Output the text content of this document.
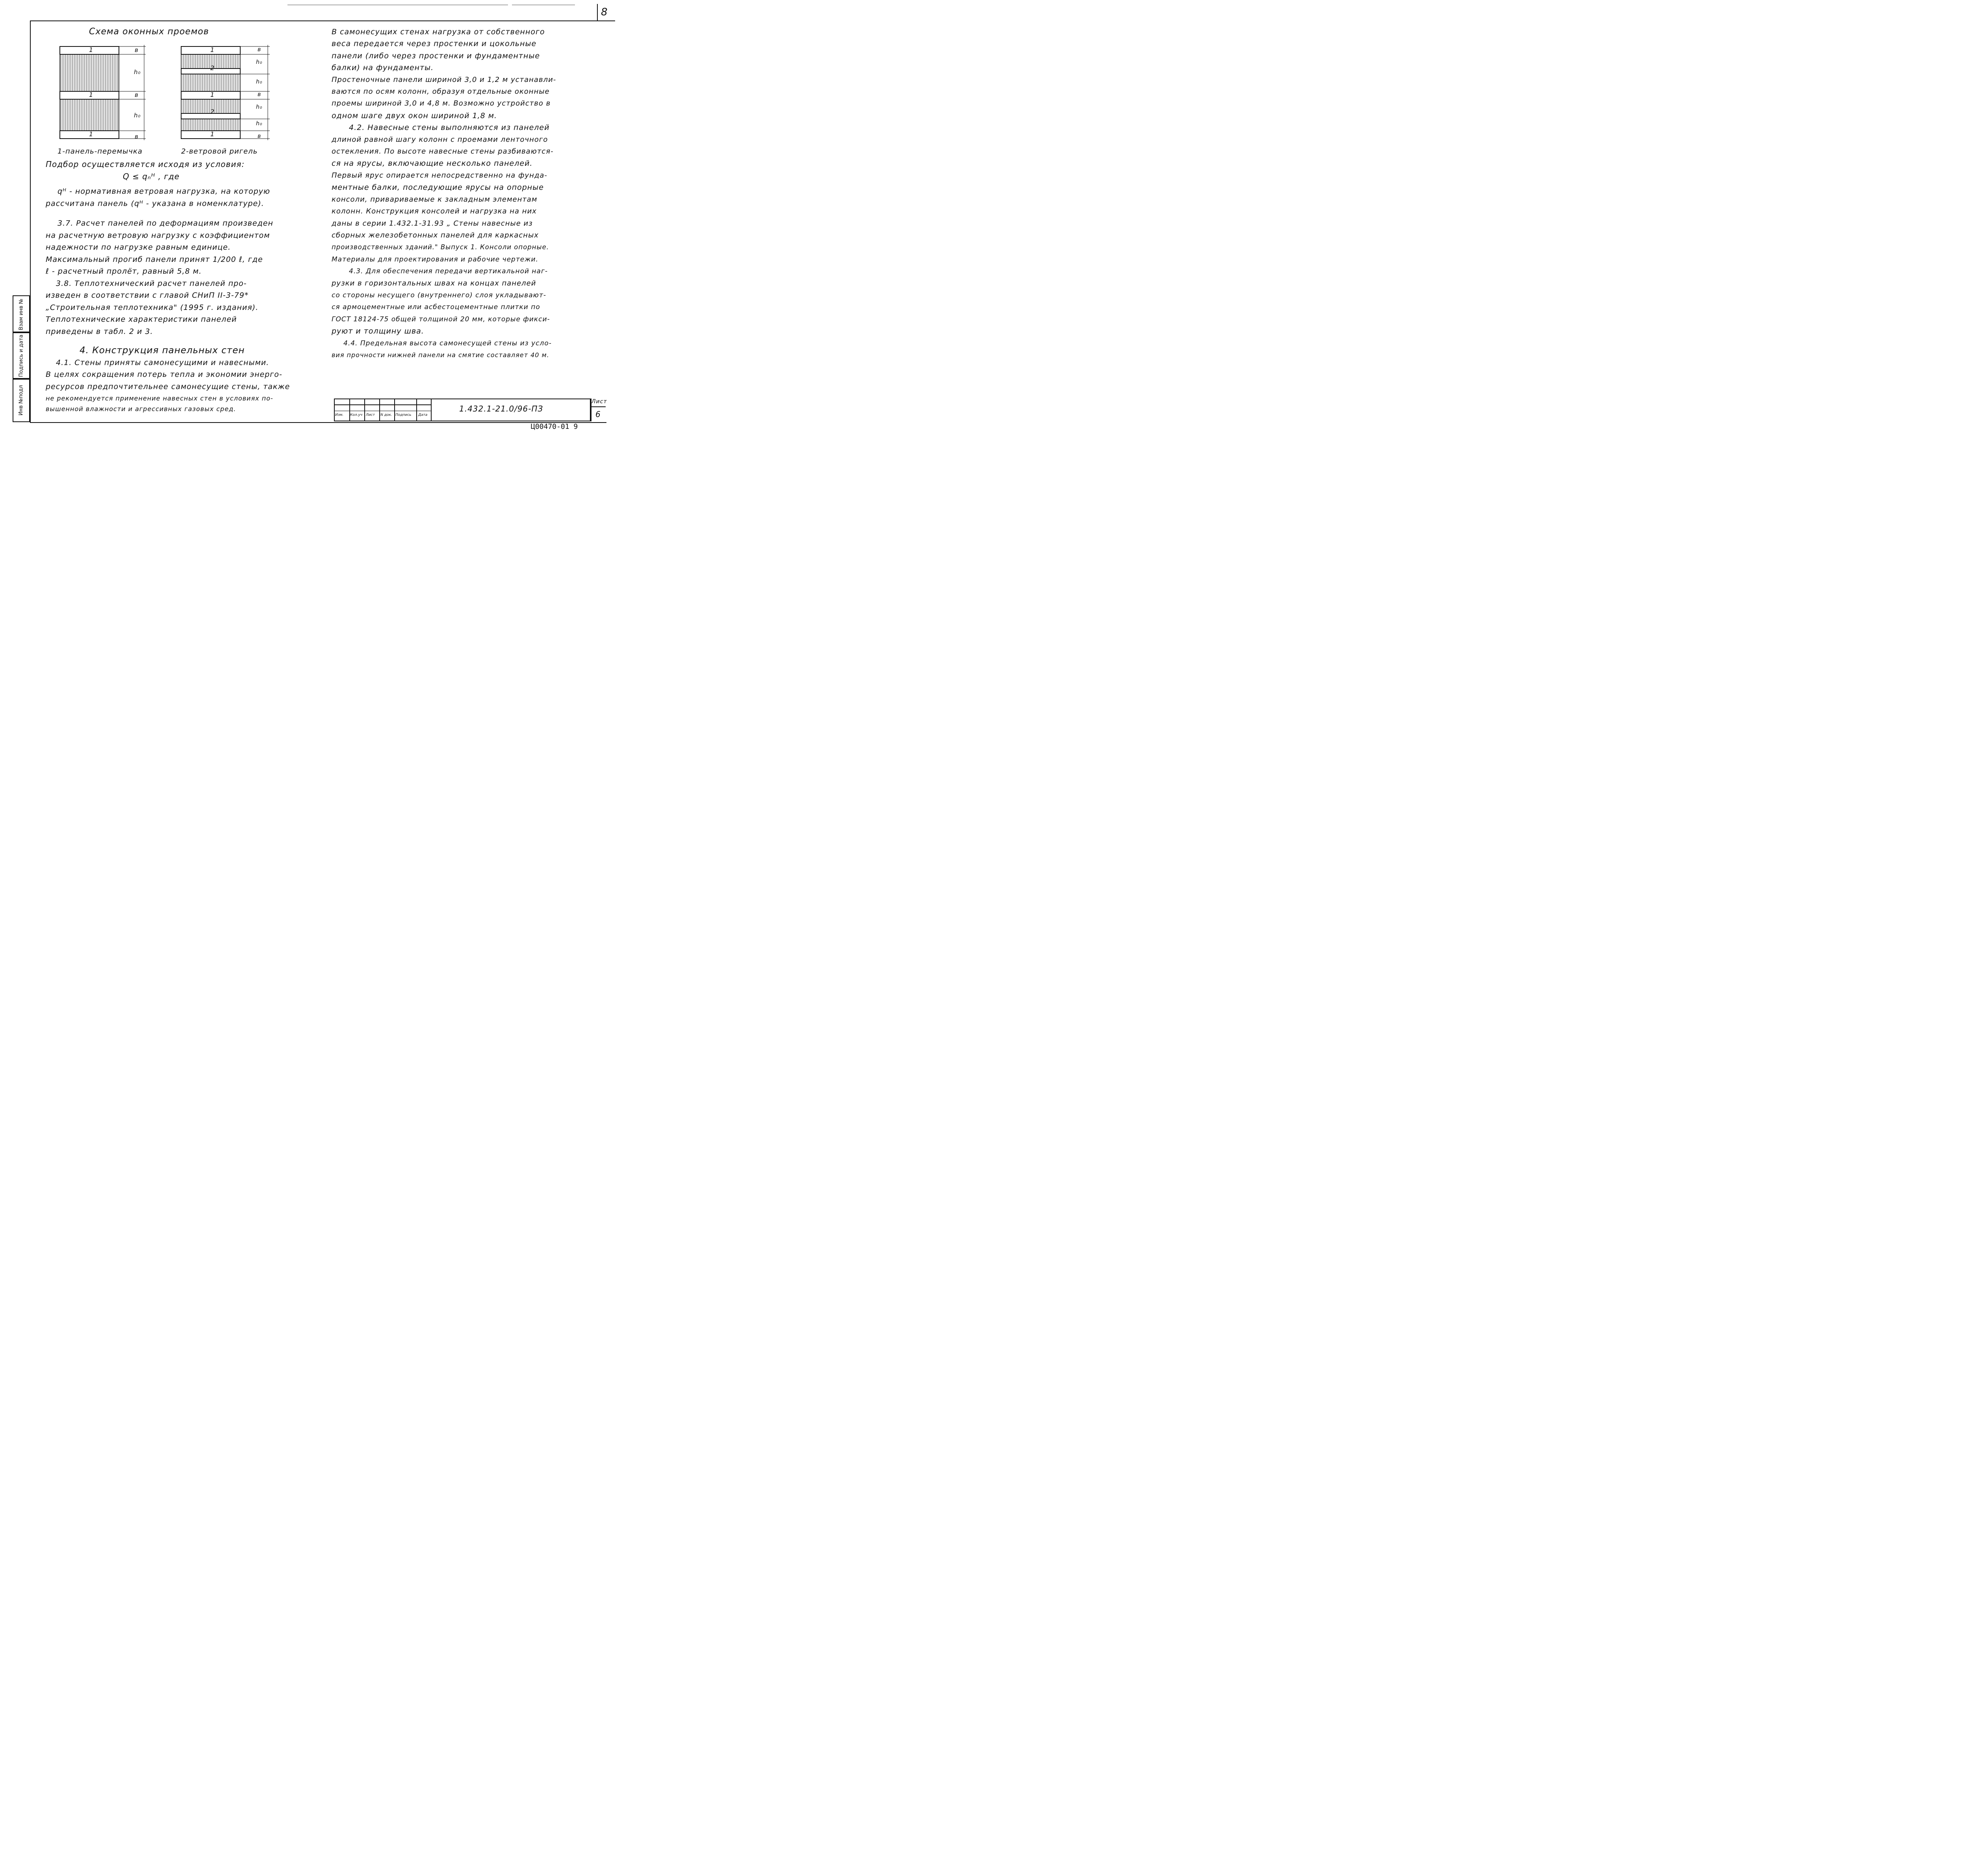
8
Инв №подл
Подпись и дата
Взам инв №
Схема оконных проемов
1
1
1
1
2
1
2
1
в
h₀
в
h₀
в
в
h₀
h₀
в
h₀
h₀
в
1-панель-перемычка	2-ветровой ригель

Подбор осуществляется исходя из условия:

Q ≤ qₙᴴ , где

qᴴ - нормативная ветровая нагрузка, на которую

рассчитана панель (qᴴ - указана в номенклатуре).

3.7. Расчет панелей по деформациям произведен

на расчетную ветровую нагрузку с коэффициентом

надежности по нагрузке равным единице.

Максимальный прогиб панели принят 1/200 ℓ, где

ℓ - расчетный пролёт, равный 5,8 м.

3.8. Теплотехнический расчет панелей про-

изведен в соответствии с главой СНиП II-3-79*

„Строительная теплотехника" (1995 г. издания).

Теплотехнические характеристики панелей

приведены в табл. 2 и 3.

4. Конструкция панельных стен

4.1. Стены приняты самонесущими и навесными.

В целях сокращения потерь тепла и экономии энерго-

ресурсов предпочтительнее самонесущие стены, также

не рекомендуется применение навесных стен в условиях по-

вышенной влажности и агрессивных газовых сред.

В самонесущих стенах нагрузка от собственного

веса передается через простенки и цокольные

панели (либо через простенки и фундаментные

балки) на фундаменты.

Простеночные панели шириной 3,0 и 1,2 м устанавли-

ваются по осям колонн, образуя отдельные оконные

проемы шириной 3,0 и 4,8 м. Возможно устройство в

одном шаге двух окон шириной 1,8 м.

4.2. Навесные стены выполняются из панелей

длиной равной шагу колонн с проемами ленточного

остекления. По высоте навесные стены разбиваются-

ся на ярусы, включающие несколько панелей.

Первый ярус опирается непосредственно на фунда-

ментные балки, последующие ярусы на опорные

консоли, привариваемые к закладным элементам

колонн. Конструкция консолей и нагрузка на них

даны в серии 1.432.1-31.93 „ Стены навесные из

сборных железобетонных панелей для каркасных

производственных зданий." Выпуск 1. Консоли опорные.

Материалы для проектирования и рабочие чертежи.

4.3. Для обеспечения передачи вертикальной наг-

рузки в горизонтальных швах на концах панелей

со стороны несущего (внутреннего) слоя укладывают-

ся армоцементные или асбестоцементные плитки по

ГОСТ 18124-75 общей толщиной 20 мм, которые фикси-

руют и толщину шва.

4.4. Предельная высота самонесущей стены из усло-

вия прочности нижней панели на смятие составляет 40 м.

Изм. Кол.уч Лист N док. Подпись Дата
1.432.1-21.0/96-ПЗ
Лист
6
Ц00470-01 9
